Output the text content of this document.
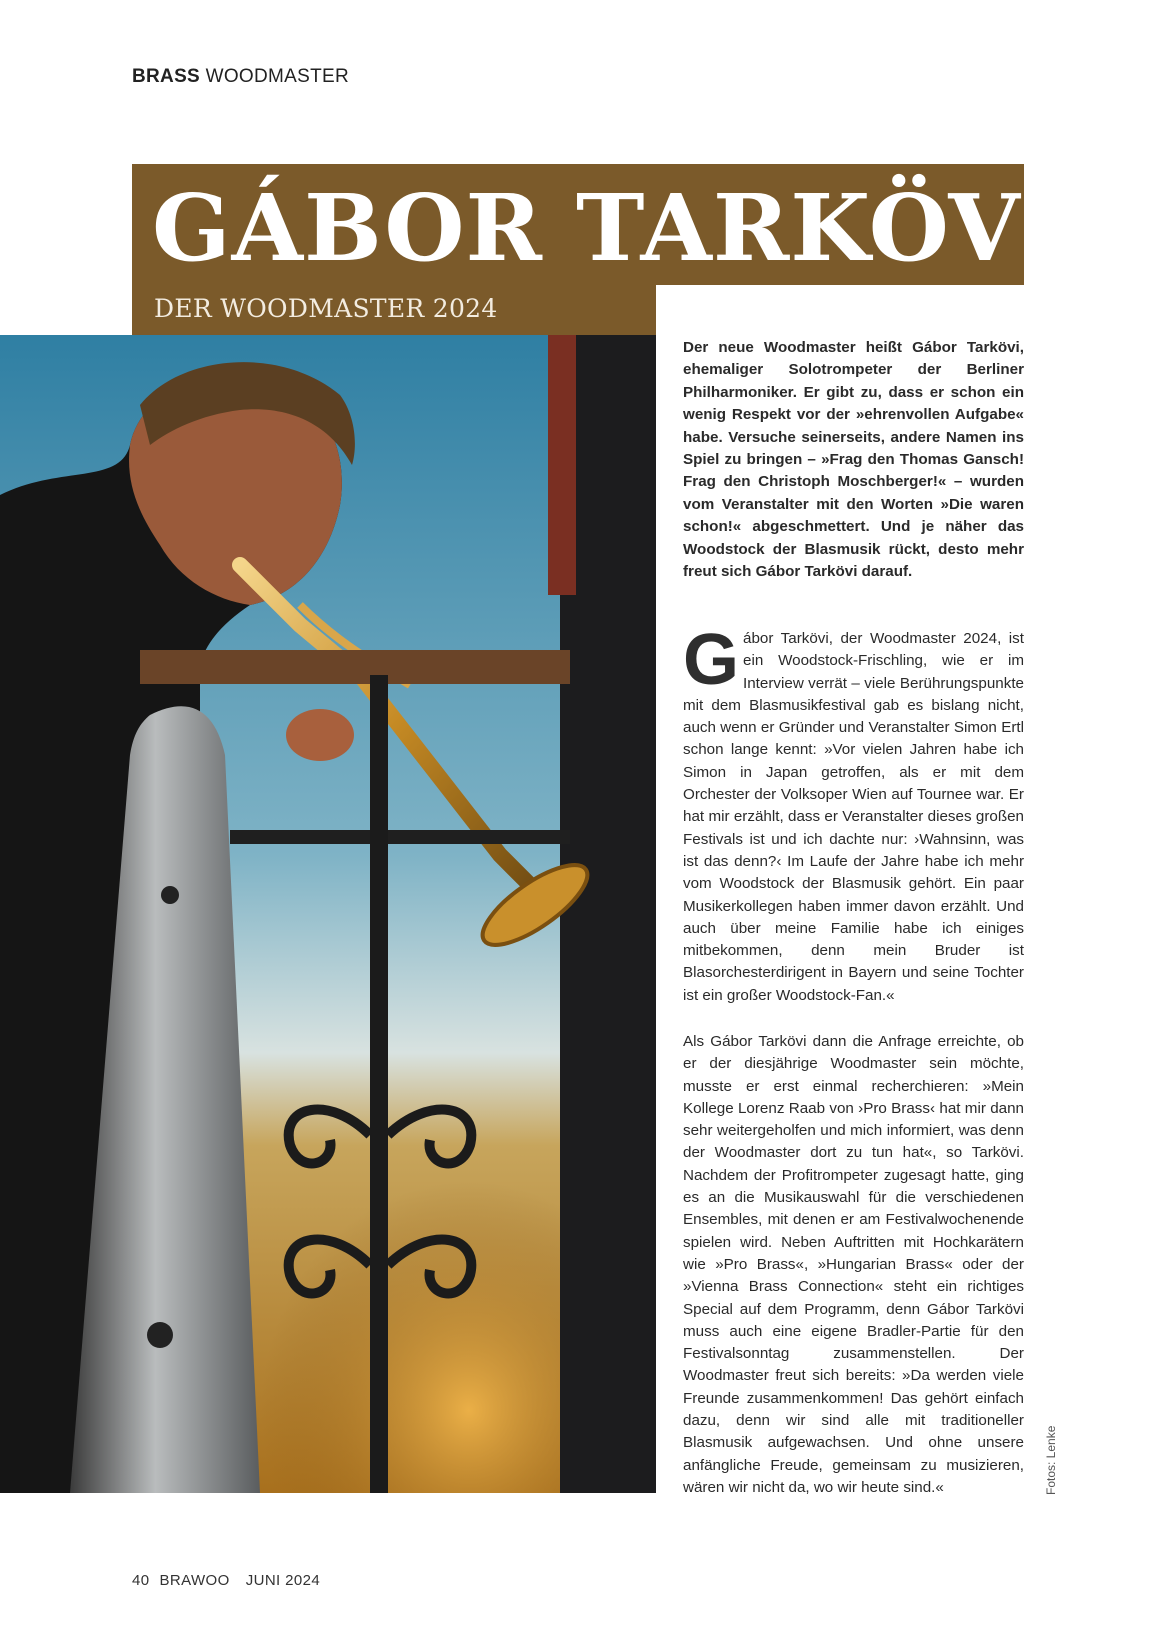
BRASS WOODMASTER
GÁBOR TARKÖVI
DER WOODMASTER 2024
Der neue Woodmaster heißt Gábor Tarkövi, ehemaliger Solotrompeter der Berliner Philharmoniker. Er gibt zu, dass er schon ein wenig Respekt vor der »ehrenvollen Aufgabe« habe. Versuche seinerseits, andere Namen ins Spiel zu bringen – »Frag den Thomas Gansch! Frag den Christoph Moschberger!« – wurden vom Veranstalter mit den Worten »Die waren schon!« abgeschmettert. Und je näher das Woodstock der Blasmusik rückt, desto mehr freut sich Gábor Tarkövi darauf.
Gábor Tarkövi, der Woodmaster 2024, ist ein Woodstock-Frischling, wie er im Interview verrät – viele Berührungspunkte mit dem Blasmusikfestival gab es bislang nicht, auch wenn er Gründer und Veranstalter Simon Ertl schon lange kennt: »Vor vielen Jahren habe ich Simon in Japan getroffen, als er mit dem Orchester der Volksoper Wien auf Tournee war. Er hat mir erzählt, dass er Veranstalter dieses großen Festivals ist und ich dachte nur: ›Wahnsinn, was ist das denn?‹ Im Laufe der Jahre habe ich mehr vom Woodstock der Blasmusik gehört. Ein paar Musikerkollegen haben immer davon erzählt. Und auch über meine Familie habe ich einiges mitbekommen, denn mein Bruder ist Blasorchesterdirigent in Bayern und seine Tochter ist ein großer Woodstock-Fan.«
Als Gábor Tarkövi dann die Anfrage erreichte, ob er der diesjährige Woodmaster sein möchte, musste er erst einmal recherchieren: »Mein Kollege Lorenz Raab von ›Pro Brass‹ hat mir dann sehr weitergeholfen und mich informiert, was denn der Woodmaster dort zu tun hat«, so Tarkövi. Nachdem der Profitrompeter zugesagt hatte, ging es an die Musikauswahl für die verschiedenen Ensembles, mit denen er am Festivalwochenende spielen wird. Neben Auftritten mit Hochkarätern wie »Pro Brass«, »Hungarian Brass« oder der »Vienna Brass Connection« steht ein richtiges Special auf dem Programm, denn Gábor Tarkövi muss auch eine eigene Bradler-Partie für den Festivalsonntag zusammenstellen. Der Woodmaster freut sich bereits: »Da werden viele Freunde zusammenkommen! Das gehört einfach dazu, denn wir sind alle mit traditioneller Blasmusik aufgewachsen. Und ohne unsere anfängliche Freude, gemeinsam zu musizieren, wären wir nicht da, wo wir heute sind.«	Fotos: Lenke
40 BRAWOO JUNI 2024
